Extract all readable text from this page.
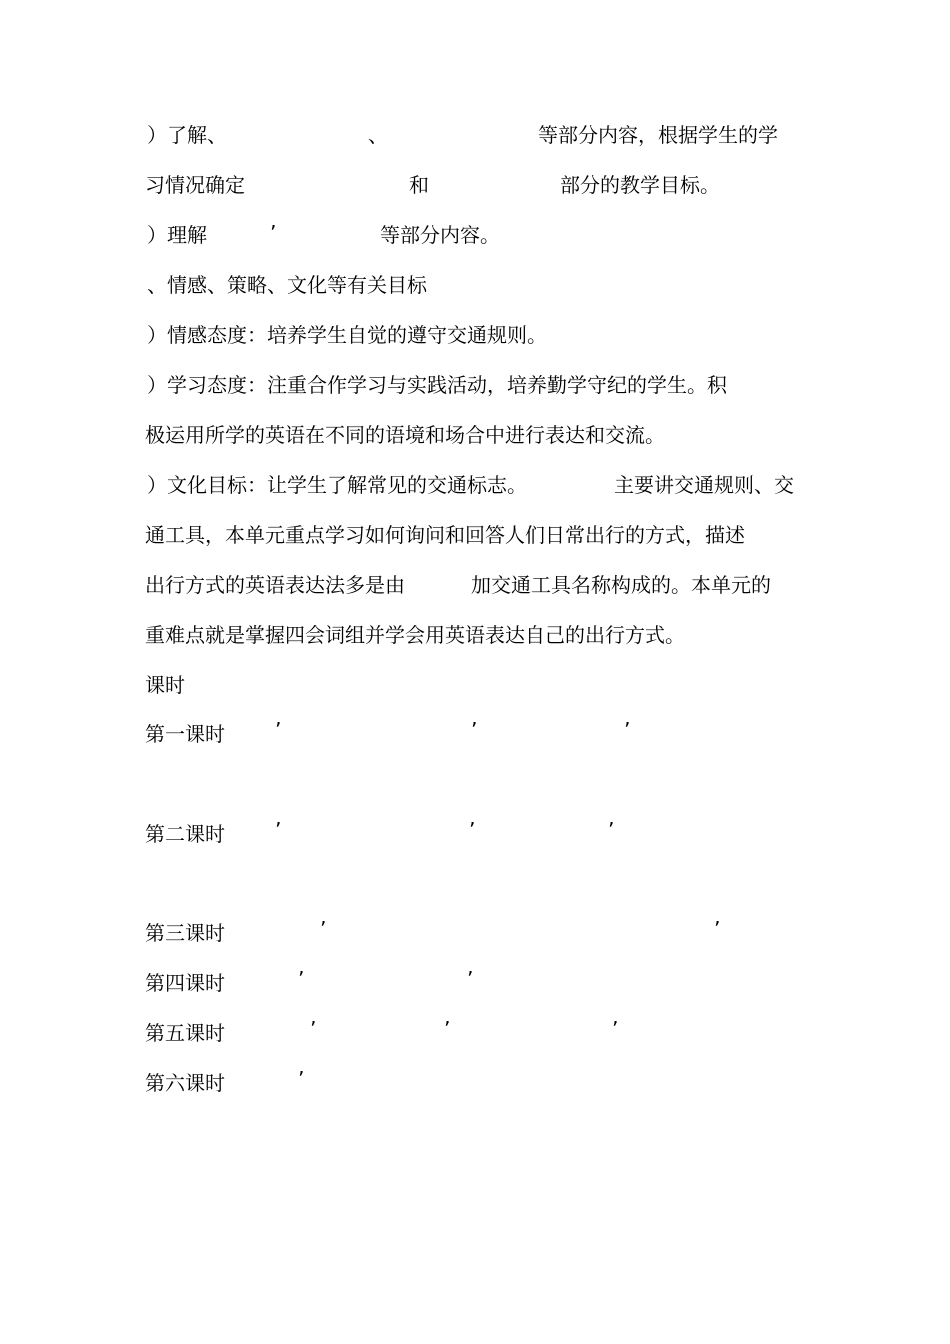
）了解、	、	等部分内容，根据学生的学
习情况确定	和	部分的教学目标。
）理解	’	等部分内容。
、情感、策略、文化等有关目标
）情感态度：培养学生自觉的遵守交通规则。
）学习态度：注重合作学习与实践活动，培养勤学守纪的学生。积
极运用所学的英语在不同的语境和场合中进行表达和交流。
）文化目标：让学生了解常见的交通标志。	主要讲交通规则、交
通工具，本单元重点学习如何询问和回答人们日常出行的方式，描述
出行方式的英语表达法多是由	加交通工具名称构成的。本单元的
重难点就是掌握四会词组并学会用英语表达自己的出行方式。
课时
第一课时	’	’	’
第二课时	’	’	’
第三课时	’	’
第四课时	’	’
第五课时	’	’	’
第六课时	’
